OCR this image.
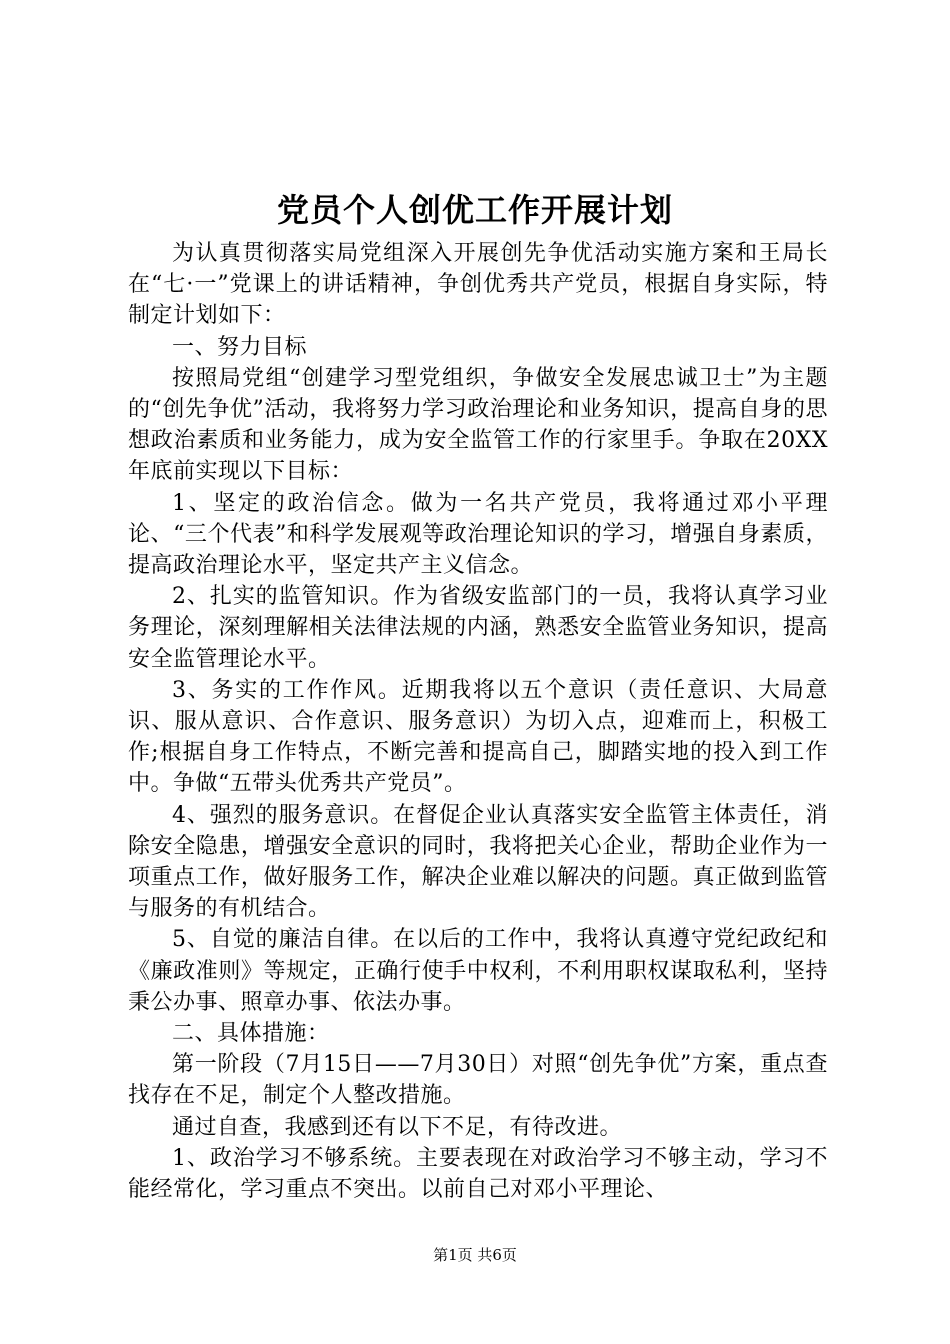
党员个人创优工作开展计划

为认真贯彻落实局党组深入开展创先争优活动实施方案和王局长在“七·一”党课上的讲话精神，争创优秀共产党员，根据自身实际，特制定计划如下：

一、努力目标

按照局党组“创建学习型党组织，争做安全发展忠诚卫士”为主题的“创先争优”活动，我将努力学习政治理论和业务知识，提高自身的思想政治素质和业务能力，成为安全监管工作的行家里手。争取在20XX年底前实现以下目标：

1、坚定的政治信念。做为一名共产党员，我将通过邓小平理论、“三个代表”和科学发展观等政治理论知识的学习，增强自身素质，提高政治理论水平，坚定共产主义信念。

2、扎实的监管知识。作为省级安监部门的一员，我将认真学习业务理论，深刻理解相关法律法规的内涵，熟悉安全监管业务知识，提高安全监管理论水平。

3、务实的工作作风。近期我将以五个意识（责任意识、大局意识、服从意识、合作意识、服务意识）为切入点，迎难而上，积极工作;根据自身工作特点，不断完善和提高自己，脚踏实地的投入到工作中。争做“五带头优秀共产党员”。

4、强烈的服务意识。在督促企业认真落实安全监管主体责任，消除安全隐患，增强安全意识的同时，我将把关心企业，帮助企业作为一项重点工作，做好服务工作，解决企业难以解决的问题。真正做到监管与服务的有机结合。

5、自觉的廉洁自律。在以后的工作中，我将认真遵守党纪政纪和《廉政准则》等规定，正确行使手中权利，不利用职权谋取私利，坚持秉公办事、照章办事、依法办事。

二、具体措施：

第一阶段（7月15日——7月30日）对照“创先争优”方案，重点查找存在不足，制定个人整改措施。

通过自查，我感到还有以下不足，有待改进。

1、政治学习不够系统。主要表现在对政治学习不够主动，学习不能经常化，学习重点不突出。以前自己对邓小平理论、

第1页 共6页
